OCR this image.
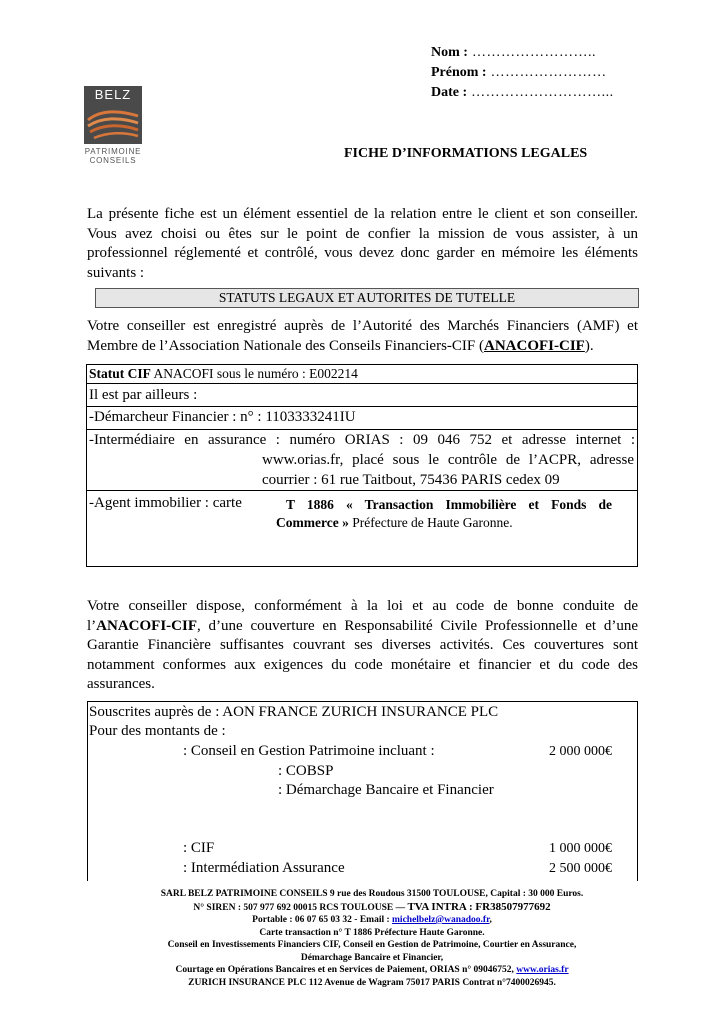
Nom : ……………………..
Prénom : ……………………
Date : ………………………...
BELZ
PATRIMOINE
CONSEILS	FICHE D’INFORMATIONS LEGALES
La présente fiche est un élément essentiel de la relation entre le client et son conseiller. Vous avez choisi ou êtes sur le point de confier la mission de vous assister, à un professionnel réglementé et contrôlé, vous devez donc garder en mémoire les éléments suivants :
STATUTS LEGAUX ET AUTORITES DE TUTELLE
Votre conseiller est enregistré auprès de l’Autorité des Marchés Financiers (AMF) et Membre de l’Association Nationale des Conseils Financiers-CIF (ANACOFI-CIF).
Statut CIF ANACOFI sous le numéro : E002214
Il est par ailleurs :
-Démarcheur Financier : n° : 1103333241IU
-Intermédiaire en assurance : numéro ORIAS : 09 046 752 et adresse internet :
www.orias.fr, placé sous le contrôle de l’ACPR, adresse
courrier : 61 rue Taitbout, 75436 PARIS cedex 09
-Agent immobilier : carte	T 1886 « Transaction Immobilière et Fonds de
Commerce » Préfecture de Haute Garonne.
Votre conseiller dispose, conformément à la loi et au code de bonne conduite de l’ANACOFI-CIF, d’une couverture en Responsabilité Civile Professionnelle et d’une Garantie Financière suffisantes couvrant ses diverses activités. Ces couvertures sont notamment conformes aux exigences du code monétaire et financier et du code des assurances.
Souscrites auprès de : AON FRANCE ZURICH INSURANCE PLC
Pour des montants de :
: Conseil en Gestion Patrimoine incluant :	2 000 000€
: COBSP
: Démarchage Bancaire et Financier
: CIF	1 000 000€
: Intermédiation Assurance	2 500 000€
SARL BELZ PATRIMOINE CONSEILS 9 rue des Roudous 31500 TOULOUSE, Capital : 30 000 Euros.
N° SIREN : 507 977 692 00015 RCS TOULOUSE — TVA INTRA : FR38507977692
Portable : 06 07 65 03 32 - Email : michelbelz@wanadoo.fr,
Carte transaction n° T 1886 Préfecture Haute Garonne.
Conseil en Investissements Financiers CIF, Conseil en Gestion de Patrimoine, Courtier en Assurance,
Démarchage Bancaire et Financier,
Courtage en Opérations Bancaires et en Services de Paiement, ORIAS n° 09046752, www.orias.fr
ZURICH INSURANCE PLC 112 Avenue de Wagram 75017 PARIS Contrat n°7400026945.
